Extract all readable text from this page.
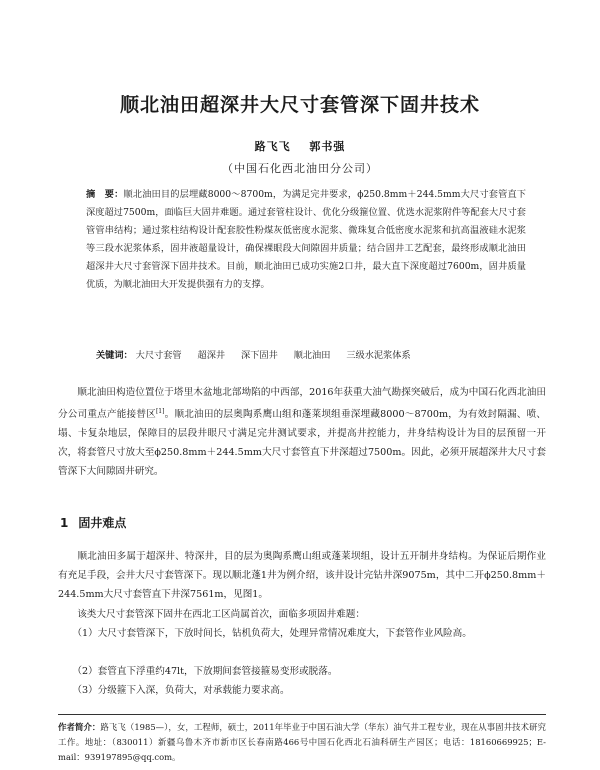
顺北油田超深井大尺寸套管深下固井技术
路飞飞 郭书强
（中国石化西北油田分公司）

摘　要：顺北油田目的层埋藏8000～8700m，为满足完井要求，ϕ250.8mm＋244.5mm大尺寸套管直下深度超过7500m，面临巨大固井难题。通过套管柱设计、优化分级箍位置、优选水泥浆附件等配套大尺寸套管管串结构；通过浆柱结构设计配套胶性粉煤灰低密度水泥浆、微珠复合低密度水泥浆和抗高温液硅水泥浆等三段水泥浆体系，固井液超量设计，确保裸眼段大间隙固井质量；结合固井工艺配套，最终形成顺北油田超深井大尺寸套管深下固井技术。目前，顺北油田已成功实施2口井，最大直下深度超过7600m，固井质量优质，为顺北油田大开发提供强有力的支撑。

关键词： 大尺寸套管 超深井 深下固井 顺北油田 三级水泥浆体系

　　顺北油田构造位置位于塔里木盆地北部坳陷的中西部，2016年获重大油气勘探突破后，成为中国石化西北油田分公司重点产能接替区[1]。顺北油田的层奥陶系鹰山组和蓬莱坝组垂深埋藏8000～8700m，为有效封隔漏、喷、塌、卡复杂地层，保障目的层段井眼尺寸满足完井测试要求，并提高井控能力，井身结构设计为目的层预留一开次，将套管尺寸放大至ϕ250.8mm＋244.5mm大尺寸套管直下井深超过7500m。因此，必须开展超深井大尺寸套管深下大间隙固井研究。

1 固井难点

　　顺北油田多属于超深井、特深井，目的层为奥陶系鹰山组或蓬莱坝组，设计五开制井身结构。为保证后期作业有充足手段，会井大尺寸套管深下。现以顺北蓬1井为例介绍，该井设计完钻井深9075m，其中二开ϕ250.8mm＋244.5mm大尺寸套管直下井深7561m，见图1。

　　该类大尺寸套管深下固井在西北工区尚属首次，面临多项固井难题：

　　（1）大尺寸套管深下，下放时间长，钻机负荷大，处理异常情况难度大，下套管作业风险高。

　　（2）套管直下浮重约47lt，下放期间套管接箍易变形或脱落。

　　（3）分级箍下入深，负荷大，对承载能力要求高。

作者简介：路飞飞（1985—），女，工程师，硕士，2011年毕业于中国石油大学（华东）油气井工程专业，现在从事固井技术研究工作。地址：（830011）新疆乌鲁木齐市新市区长春南路466号中国石化西北石油科研生产园区；电话：18160669925；E-mail：939197895@qq.com。
